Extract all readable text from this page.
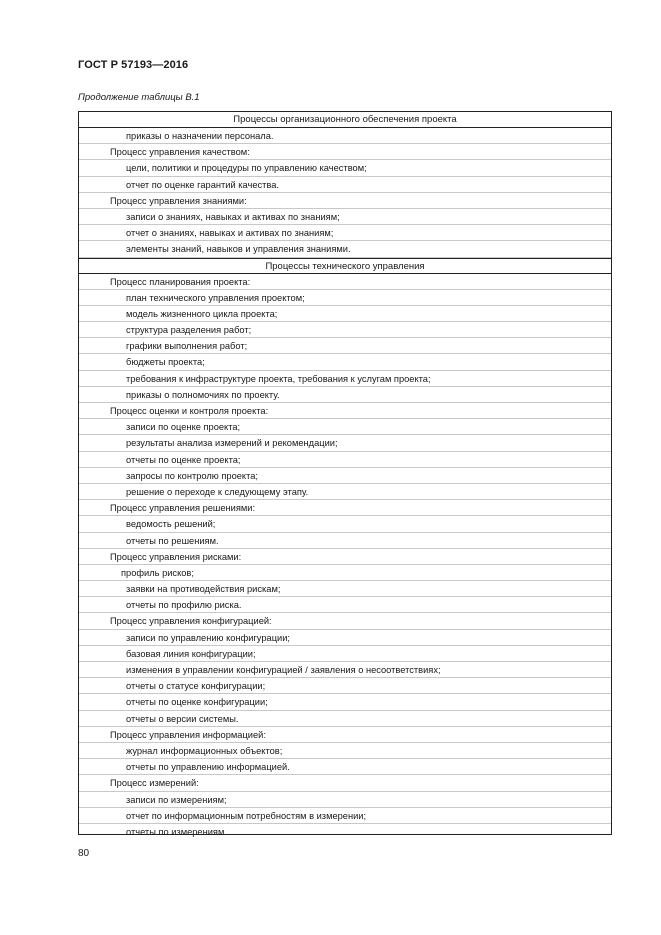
ГОСТ Р 57193—2016
Продолжение таблицы В.1
Процессы организационного обеспечения проекта
приказы о назначении персонала.
Процесс управления качеством:
цели, политики и процедуры по управлению качеством;
отчет по оценке гарантий качества.
Процесс управления знаниями:
записи о знаниях, навыках и активах по знаниям;
отчет о знаниях, навыках и активах по знаниям;
элементы знаний, навыков и управления знаниями.
Процессы технического управления
Процесс планирования проекта:
план технического управления проектом;
модель жизненного цикла проекта;
структура разделения работ;
графики выполнения работ;
бюджеты проекта;
требования к инфраструктуре проекта, требования к услугам проекта;
приказы о полномочиях по проекту.
Процесс оценки и контроля проекта:
записи по оценке проекта;
результаты анализа измерений и рекомендации;
отчеты по оценке проекта;
запросы по контролю проекта;
решение о переходе к следующему этапу.
Процесс управления решениями:
ведомость решений;
отчеты по решениям.
Процесс управления рисками:
профиль рисков;
заявки на противодействия рискам;
отчеты по профилю риска.
Процесс управления конфигурацией:
записи по управлению конфигурации;
базовая линия конфигурации;
изменения в управлении конфигурацией / заявления о несоответствиях;
отчеты о статусе конфигурации;
отчеты по оценке конфигурации;
отчеты о версии системы.
Процесс управления информацией:
журнал информационных объектов;
отчеты по управлению информацией.
Процесс измерений:
записи по измерениям;
отчет по информационным потребностям в измерении;
отчеты по измерениям.
80
